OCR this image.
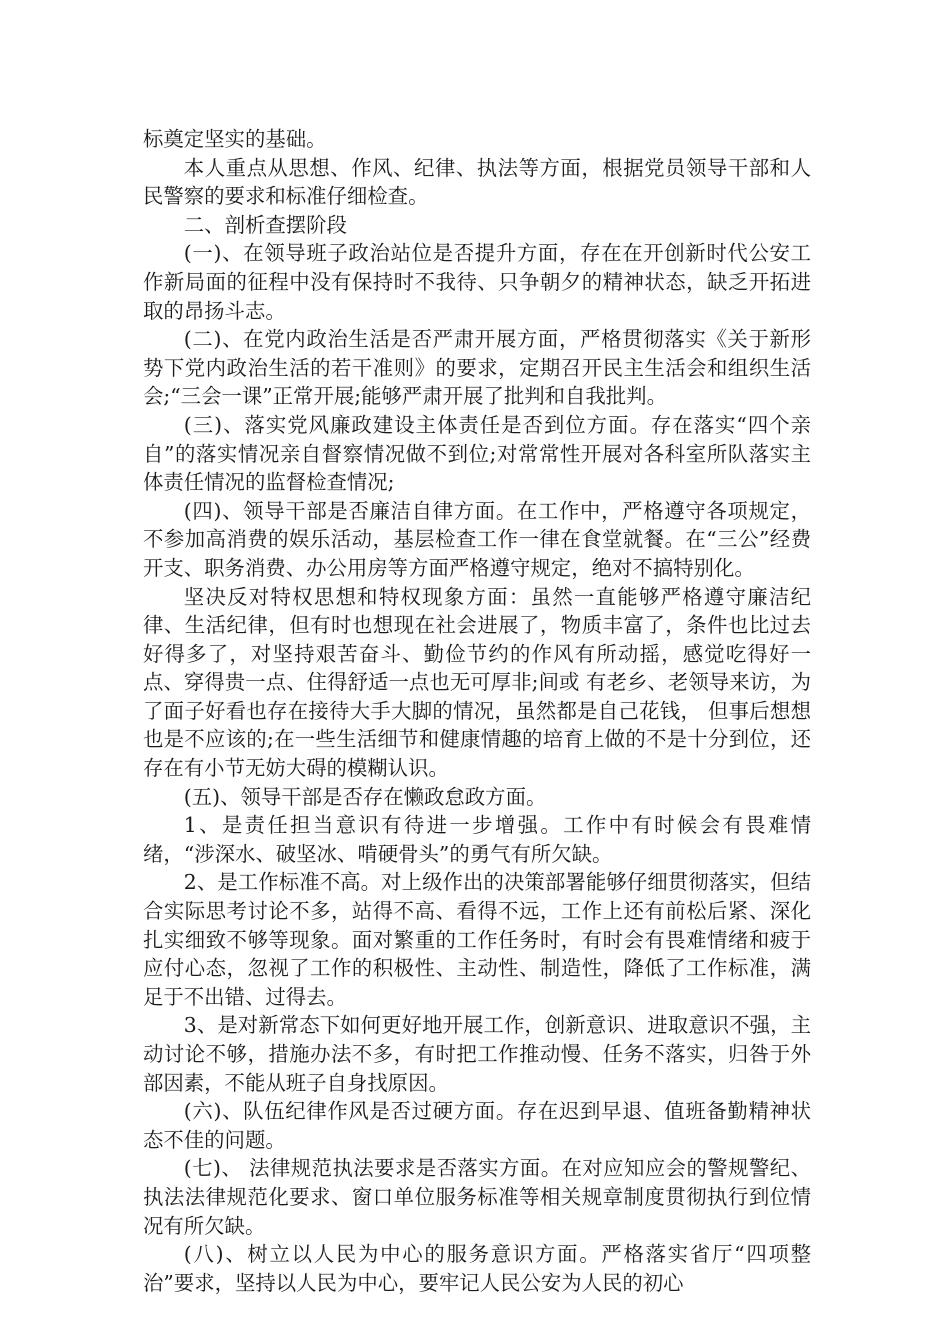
标奠定坚实的基础。

本人重点从思想、作风、纪律、执法等方面，根据党员领导干部和人民警察的要求和标准仔细检查。

二、剖析查摆阶段

(一)、在领导班子政治站位是否提升方面，存在在开创新时代公安工作新局面的征程中没有保持时不我待、只争朝夕的精神状态，缺乏开拓进取的昂扬斗志。

(二)、在党内政治生活是否严肃开展方面，严格贯彻落实《关于新形势下党内政治生活的若干准则》的要求，定期召开民主生活会和组织生活会;“三会一课”正常开展;能够严肃开展了批判和自我批判。

(三)、落实党风廉政建设主体责任是否到位方面。存在落实“四个亲自”的落实情况亲自督察情况做不到位;对常常性开展对各科室所队落实主体责任情况的监督检查情况;

(四)、领导干部是否廉洁自律方面。在工作中，严格遵守各项规定，不参加高消费的娱乐活动，基层检查工作一律在食堂就餐。在“三公”经费开支、职务消费、办公用房等方面严格遵守规定，绝对不搞特别化。

坚决反对特权思想和特权现象方面：虽然一直能够严格遵守廉洁纪律、生活纪律，但有时也想现在社会进展了，物质丰富了，条件也比过去好得多了，对坚持艰苦奋斗、勤俭节约的作风有所动摇，感觉吃得好一点、穿得贵一点、住得舒适一点也无可厚非;间或 有老乡、老领导来访，为了面子好看也存在接待大手大脚的情况，虽然都是自己花钱， 但事后想想也是不应该的;在一些生活细节和健康情趣的培育上做的不是十分到位，还存在有小节无妨大碍的模糊认识。

(五)、领导干部是否存在懒政怠政方面。

1、是责任担当意识有待进一步增强。工作中有时候会有畏难情绪，“涉深水、破坚冰、啃硬骨头”的勇气有所欠缺。

2、是工作标准不高。对上级作出的决策部署能够仔细贯彻落实，但结合实际思考讨论不多，站得不高、看得不远，工作上还有前松后紧、深化扎实细致不够等现象。面对繁重的工作任务时，有时会有畏难情绪和疲于应付心态，忽视了工作的积极性、主动性、制造性，降低了工作标准，满足于不出错、过得去。

3、是对新常态下如何更好地开展工作，创新意识、进取意识不强，主动讨论不够，措施办法不多，有时把工作推动慢、任务不落实，归咎于外部因素，不能从班子自身找原因。

(六)、队伍纪律作风是否过硬方面。存在迟到早退、值班备勤精神状态不佳的问题。

(七)、 法律规范执法要求是否落实方面。在对应知应会的警规警纪、执法法律规范化要求、窗口单位服务标准等相关规章制度贯彻执行到位情况有所欠缺。

(八)、树立以人民为中心的服务意识方面。严格落实省厅“四项整治”要求，坚持以人民为中心，要牢记人民公安为人民的初心
